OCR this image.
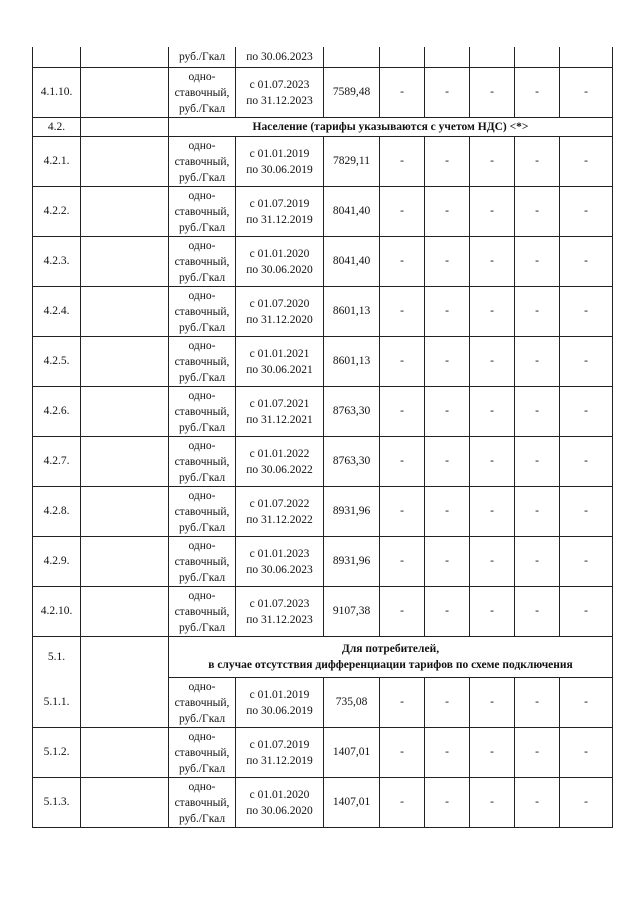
		руб./Гкал	по 30.06.2023						
4.1.10.		одно-
ставочный,
руб./Гкал	с 01.07.2023
по 31.12.2023	7589,48	-	-	-	-	-
4.2.		Население (тарифы указываются с учетом НДС) <*>							
4.2.1.		одно-
ставочный,
руб./Гкал	с 01.01.2019
по 30.06.2019	7829,11	-	-	-	-	-
4.2.2.		одно-
ставочный,
руб./Гкал	с 01.07.2019
по 31.12.2019	8041,40	-	-	-	-	-
4.2.3.		одно-
ставочный,
руб./Гкал	с 01.01.2020
по 30.06.2020	8041,40	-	-	-	-	-
4.2.4.		одно-
ставочный,
руб./Гкал	с 01.07.2020
по 31.12.2020	8601,13	-	-	-	-	-
4.2.5.		одно-
ставочный,
руб./Гкал	с 01.01.2021
по 30.06.2021	8601,13	-	-	-	-	-
4.2.6.		одно-
ставочный,
руб./Гкал	с 01.07.2021
по 31.12.2021	8763,30	-	-	-	-	-
4.2.7.		одно-
ставочный,
руб./Гкал	с 01.01.2022
по 30.06.2022	8763,30	-	-	-	-	-
4.2.8.		одно-
ставочный,
руб./Гкал	с 01.07.2022
по 31.12.2022	8931,96	-	-	-	-	-
4.2.9.		одно-
ставочный,
руб./Гкал	с 01.01.2023
по 30.06.2023	8931,96	-	-	-	-	-
4.2.10.		одно-
ставочный,
руб./Гкал	с 01.07.2023
по 31.12.2023	9107,38	-	-	-	-	-
5.1.		Для потребителей,
в случае отсутствия дифференциации тарифов по схеме подключения							

5.1.1.		одно-
ставочный,
руб./Гкал	с 01.01.2019
по 30.06.2019	735,08	-	-	-	-	-
5.1.2.		одно-
ставочный,
руб./Гкал	с 01.07.2019
по 31.12.2019	1407,01	-	-	-	-	-
5.1.3.		одно-
ставочный,
руб./Гкал	с 01.01.2020
по 30.06.2020	1407,01	-	-	-	-	-
